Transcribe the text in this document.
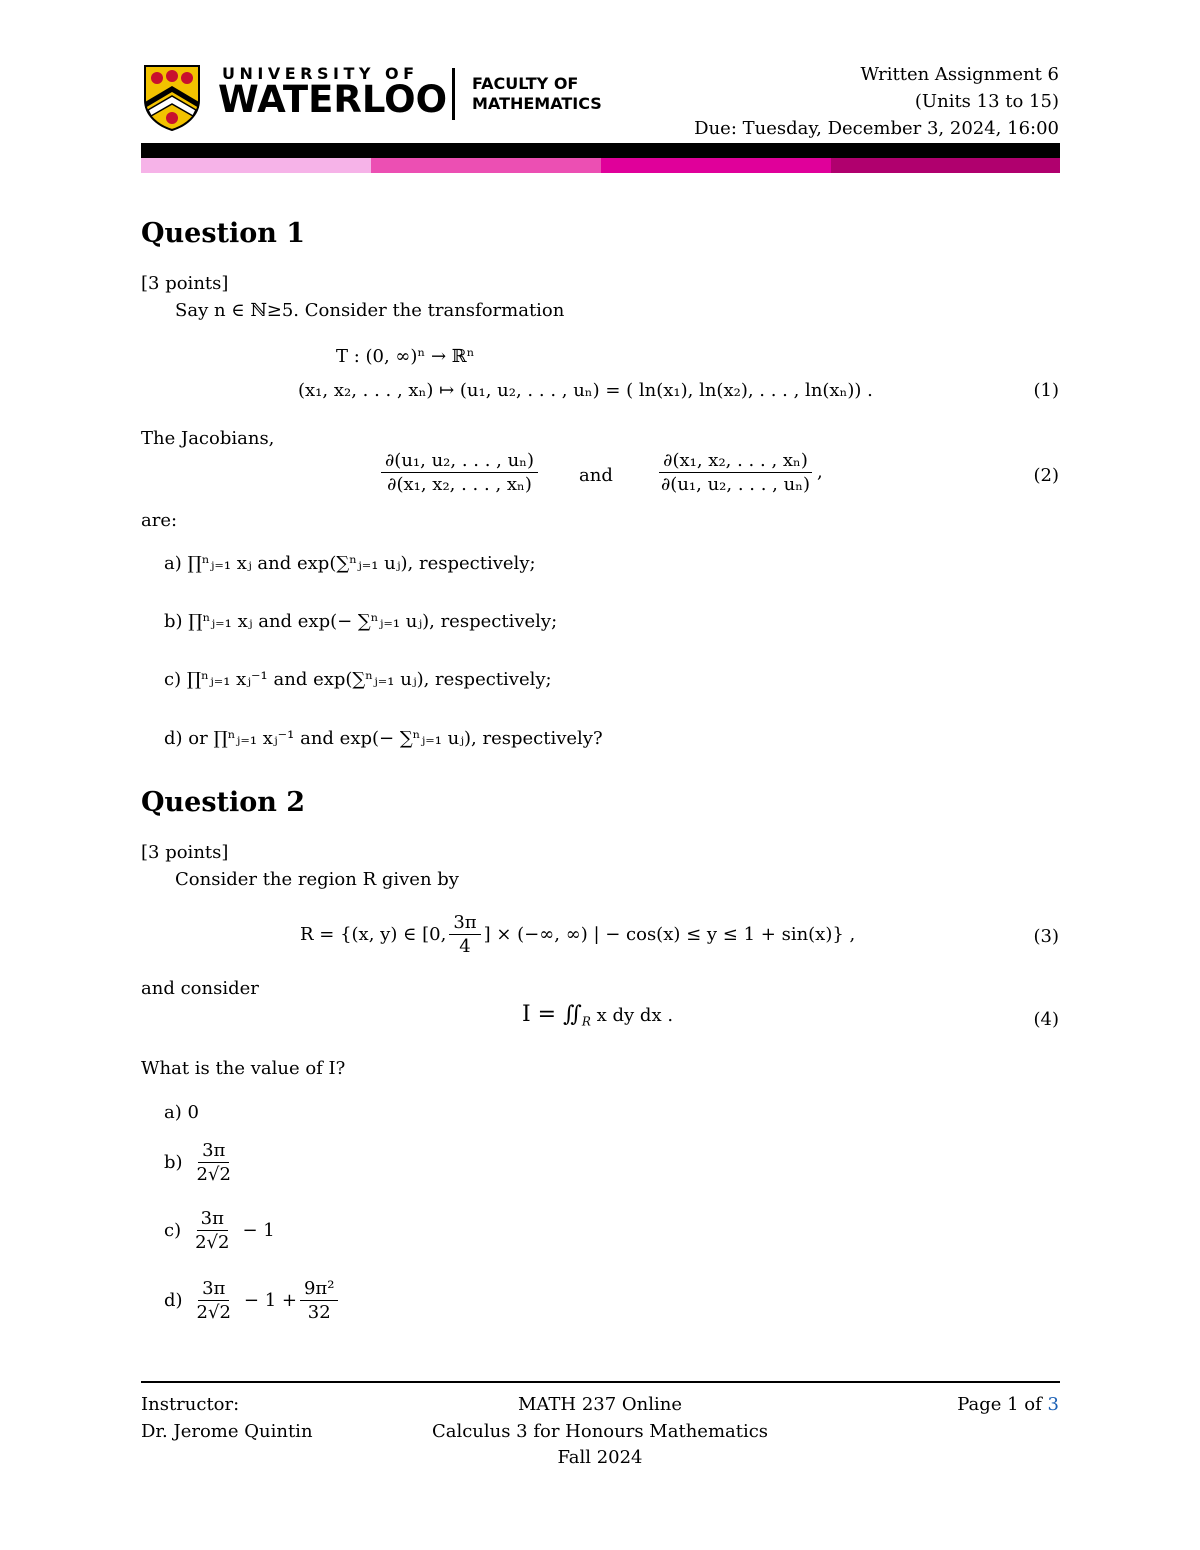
UNIVERSITY OF
WATERLOO FACULTY OF
MATHEMATICS
Written Assignment 6
(Units 13 to 15)
Due: Tuesday, December 3, 2024, 16:00
Question 1
[3 points]
Say n ∈ ℕ≥5. Consider the transformation
T : (0, ∞)ⁿ → ℝⁿ
(x₁, x₂, . . . , xₙ) ↦ (u₁, u₂, . . . , uₙ) = ( ln(x₁), ln(x₂), . . . , ln(xₙ)) .	(1)
The Jacobians,
$\frac{\text{∂(u₁, u₂, . . . , uₙ)}}{\text{∂(x₁, x₂, . . . , xₙ)}}$ and $\frac{\text{∂(x₁, x₂, . . . , xₙ)}}{\text{∂(u₁, u₂, . . . , uₙ)}}$ ,	(2)
are:
a) ∏ⁿⱼ₌₁ xⱼ and exp(∑ⁿⱼ₌₁ uⱼ), respectively;
b) ∏ⁿⱼ₌₁ xⱼ and exp(− ∑ⁿⱼ₌₁ uⱼ), respectively;
c) ∏ⁿⱼ₌₁ xⱼ⁻¹ and exp(∑ⁿⱼ₌₁ uⱼ), respectively;
d) or ∏ⁿⱼ₌₁ xⱼ⁻¹ and exp(− ∑ⁿⱼ₌₁ uⱼ), respectively?
Question 2
[3 points]
Consider the region R given by
R = {(x, y) ∈ [0, $\frac{3\pi}{4}$ ] × (−∞, ∞) | − cos(x) ≤ y ≤ 1 + sin(x)} ,	(3)
and consider
$I = ∬_R$ x dy dx .	(4)
What is the value of I?
a) 0
$b) \frac{3\pi}{2√2}$
$c) \frac{3\pi}{2√2} - 1$
$d) \frac{3\pi}{2√2} - 1 + \frac{\text{9π²}}{32}$
Instructor:
Dr. Jerome Quintin
MATH 237 Online
Calculus 3 for Honours Mathematics
Fall 2024
Page 1 of 3
